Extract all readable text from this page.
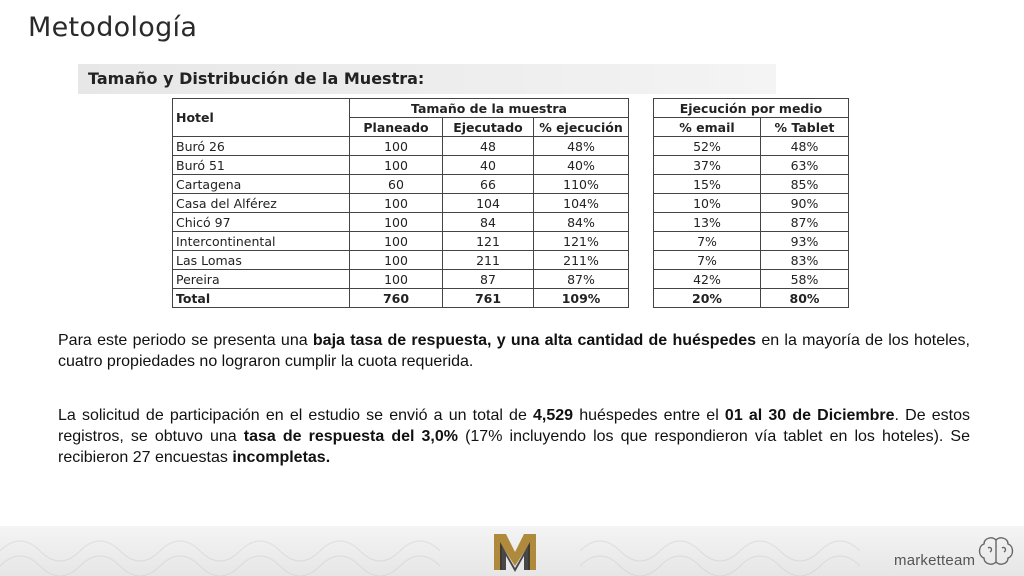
Metodología
Tamaño y Distribución de la Muestra:
Hotel	Tamaño de la muestra				Ejecución por medio	
	Planeado	Ejecutado	% ejecución		% email	% Tablet
Buró 26	100	48	48%		52%	48%
Buró 51	100	40	40%		37%	63%
Cartagena	60	66	110%		15%	85%
Casa del Alférez	100	104	104%		10%	90%
Chicó 97	100	84	84%		13%	87%
Intercontinental	100	121	121%		7%	93%
Las Lomas	100	211	211%		7%	83%
Pereira	100	87	87%		42%	58%
Total	760	761	109%		20%	80%
Para este periodo se presenta una baja tasa de respuesta, y una alta cantidad de huéspedes en la mayoría de los hoteles, cuatro propiedades no lograron cumplir la cuota requerida.
La solicitud de participación en el estudio se envió a un total de 4,529 huéspedes entre el 01 al 30 de Diciembre. De estos registros, se obtuvo una tasa de respuesta del 3,0% (17% incluyendo los que respondieron vía tablet en los hoteles). Se recibieron 27 encuestas incompletas.
marketteam
